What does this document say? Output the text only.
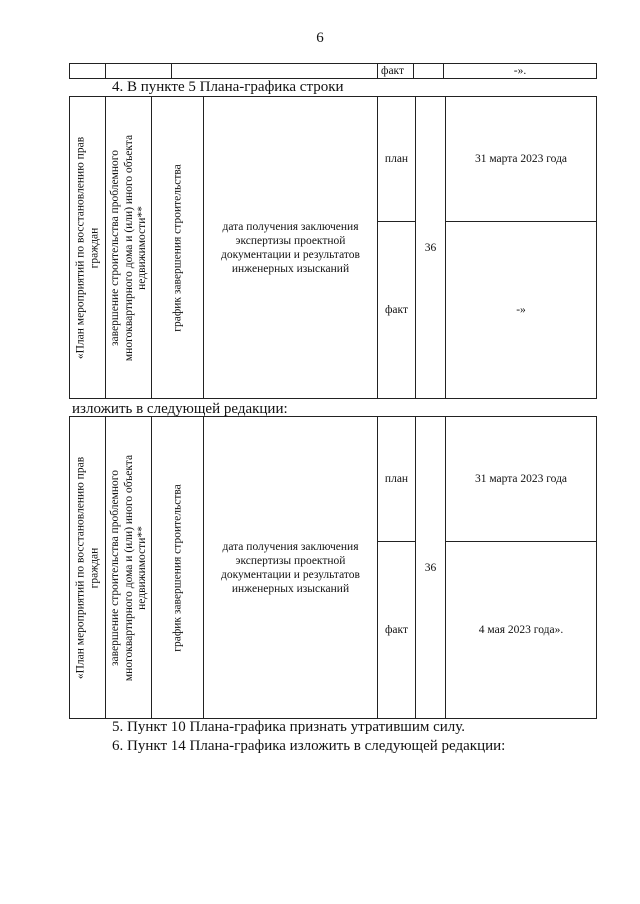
6
			факт		-».
4. В пункте 5 Плана-графика строки
«План мероприятий по восстановлению прав граждан	завершение строительства проблемного многоквартирного дома и (или) иного объекта недвижимости**	график завершения строительства	дата получения заключения экспертизы проектной документации и результатов инженерных изысканий	план	36	31 марта 2023 года
				факт		-»
изложить в следующей редакции:
«План мероприятий по восстановлению прав граждан	завершение строительства проблемного многоквартирного дома и (или) иного объекта недвижимости**	график завершения строительства	дата получения заключения экспертизы проектной документации и результатов инженерных изысканий	план	36	31 марта 2023 года
				факт		4 мая 2023 года».
5. Пункт 10 Плана-графика признать утратившим силу.
6. Пункт 14 Плана-графика изложить в следующей редакции:
